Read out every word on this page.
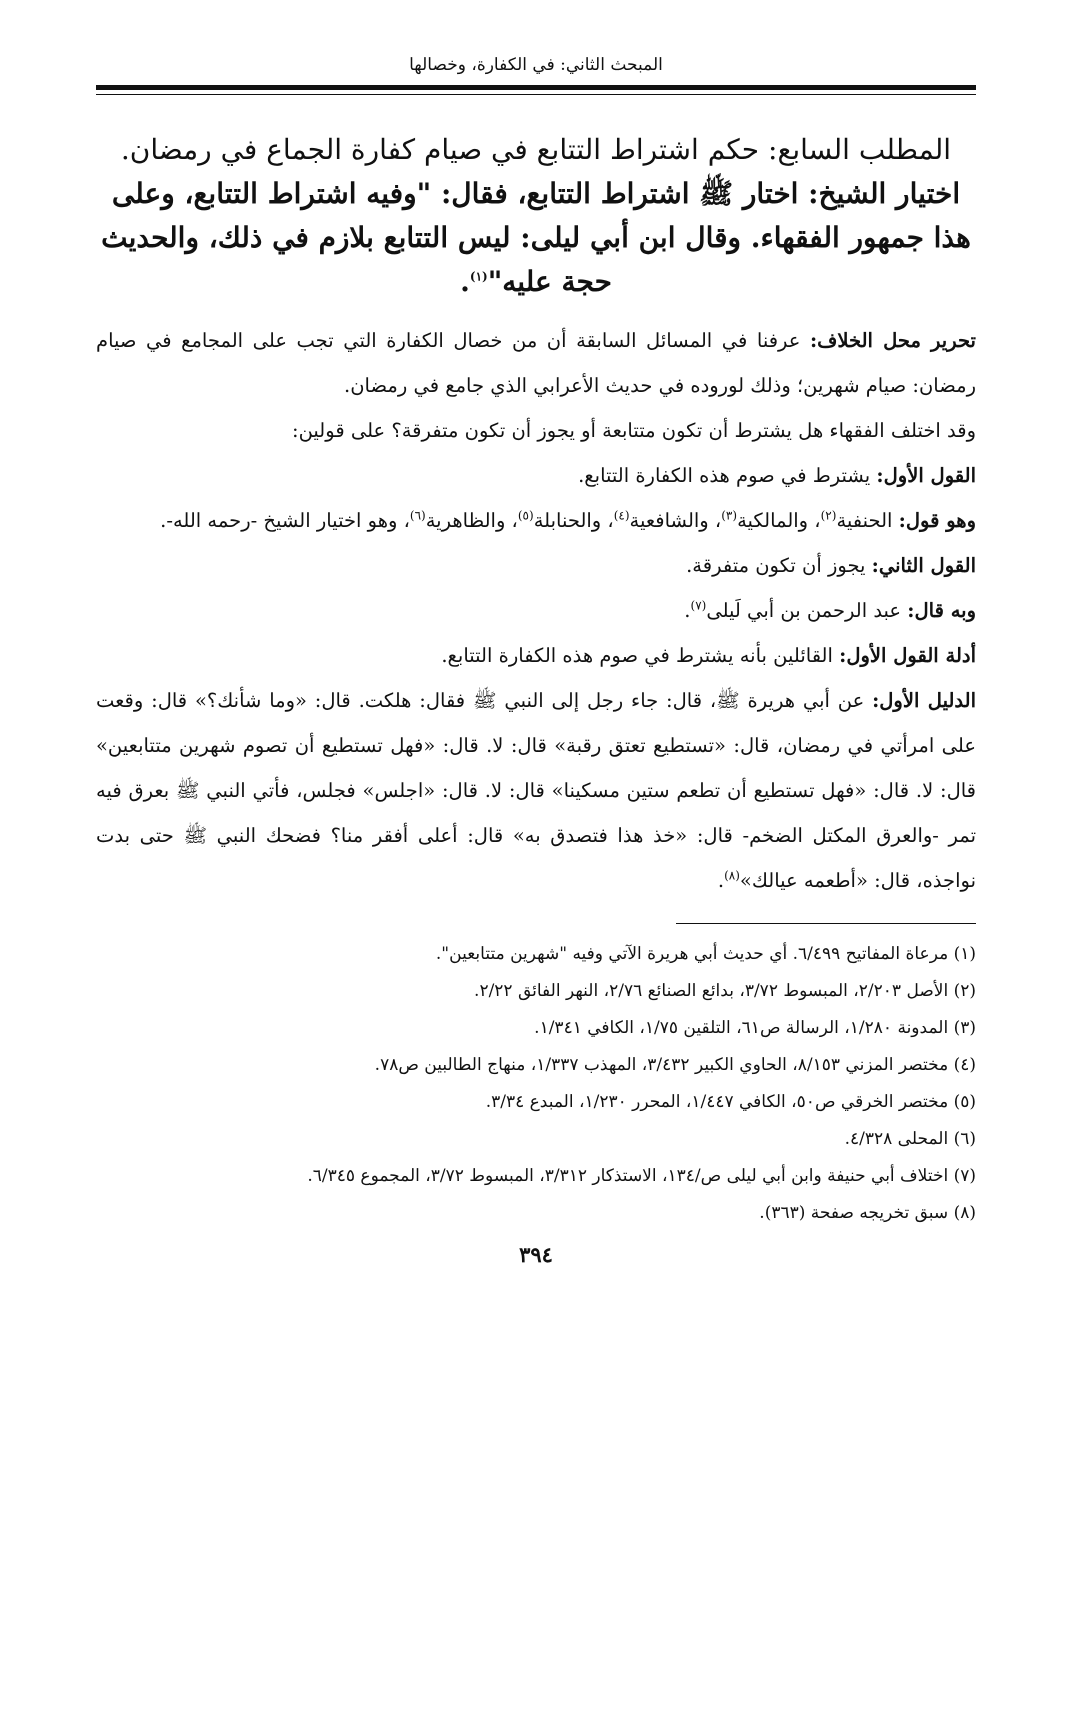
المبحث الثاني: في الكفارة، وخصالها
المطلب السابع: حكم اشتراط التتابع في صيام كفارة الجماع في رمضان.
اختيار الشيخ: اختار ﷺ اشتراط التتابع، فقال: "وفيه اشتراط التتابع، وعلى هذا جمهور الفقهاء. وقال ابن أبي ليلى: ليس التتابع بلازم في ذلك، والحديث حجة عليه"$^{(١)}$.

تحرير محل الخلاف: عرفنا في المسائل السابقة أن من خصال الكفارة التي تجب على المجامع في صيام رمضان: صيام شهرين؛ وذلك لوروده في حديث الأعرابي الذي جامع في رمضان.

وقد اختلف الفقهاء هل يشترط أن تكون متتابعة أو يجوز أن تكون متفرقة؟ على قولين:

القول الأول: يشترط في صوم هذه الكفارة التتابع.

وهو قول: الحنفية$^{(٢)}$، والمالكية$^{(٣)}$، والشافعية$^{(٤)}$، والحنابلة$^{(٥)}$، والظاهرية$^{(٦)}$، وهو اختيار الشيخ -رحمه الله-.

القول الثاني: يجوز أن تكون متفرقة.

وبه قال: عبد الرحمن بن أبي لَيلى$^{(٧)}$.

أدلة القول الأول: القائلين بأنه يشترط في صوم هذه الكفارة التتابع.

الدليل الأول: عن أبي هريرة ﷺ، قال: جاء رجل إلى النبي ﷺ فقال: هلكت. قال: «وما شأنك؟» قال: وقعت على امرأتي في رمضان، قال: «تستطيع تعتق رقبة» قال: لا. قال: «فهل تستطيع أن تصوم شهرين متتابعين» قال: لا. قال: «فهل تستطيع أن تطعم ستين مسكينا» قال: لا. قال: «اجلس» فجلس، فأتي النبي ﷺ بعرق فيه تمر -والعرق المكتل الضخم- قال: «خذ هذا فتصدق به» قال: أعلى أفقر منا؟ فضحك النبي ﷺ حتى بدت نواجذه، قال: «أطعمه عيالك»$^{(٨)}$.

(١) مرعاة المفاتيح ٦/٤٩٩. أي حديث أبي هريرة الآتي وفيه "شهرين متتابعين".

(٢) الأصل ٢/٢٠٣، المبسوط ٣/٧٢، بدائع الصنائع ٢/٧٦، النهر الفائق ٢/٢٢.

(٣) المدونة ١/٢٨٠، الرسالة ص٦١، التلقين ١/٧٥، الكافي ١/٣٤١.

(٤) مختصر المزني ٨/١٥٣، الحاوي الكبير ٣/٤٣٢، المهذب ١/٣٣٧، منهاج الطالبين ص٧٨.

(٥) مختصر الخرقي ص٥٠، الكافي ١/٤٤٧، المحرر ١/٢٣٠، المبدع ٣/٣٤.

(٦) المحلى ٤/٣٢٨.

(٧) اختلاف أبي حنيفة وابن أبي ليلى ص/١٣٤، الاستذكار ٣/٣١٢، المبسوط ٣/٧٢، المجموع ٦/٣٤٥.

(٨) سبق تخريجه صفحة (٣٦٣).

٣٩٤
